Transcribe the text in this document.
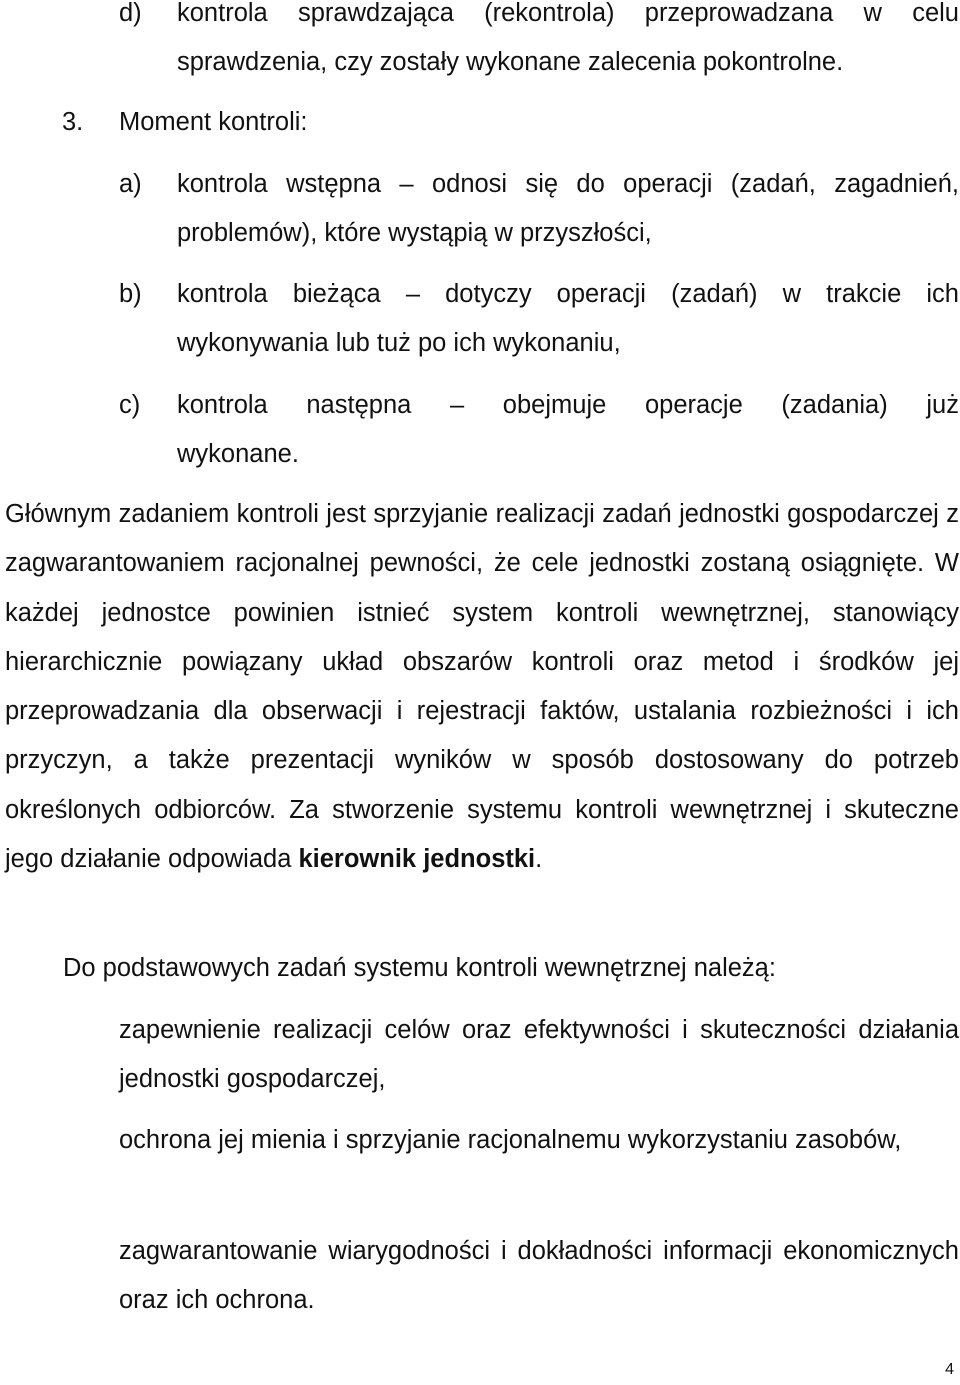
d) kontrola sprawdzająca (rekontrola) przeprowadzana w celu sprawdzenia, czy zostały wykonane zalecenia pokontrolne.
3. Moment kontroli:
a) kontrola wstępna – odnosi się do operacji (zadań, zagadnień, problemów), które wystąpią w przyszłości,
b) kontrola bieżąca – dotyczy operacji (zadań) w trakcie ich wykonywania lub tuż po ich wykonaniu,
c) kontrola następna – obejmuje operacje (zadania) już wykonane.
Głównym zadaniem kontroli jest sprzyjanie realizacji zadań jednostki gospodarczej z zagwarantowaniem racjonalnej pewności, że cele jednostki zostaną osiągnięte. W każdej jednostce powinien istnieć system kontroli wewnętrznej, stanowiący hierarchicznie powiązany układ obszarów kontroli oraz metod i środków jej przeprowadzania dla obserwacji i rejestracji faktów, ustalania rozbieżności i ich przyczyn, a także prezentacji wyników w sposób dostosowany do potrzeb określonych odbiorców. Za stworzenie systemu kontroli wewnętrznej i skuteczne jego działanie odpowiada kierownik jednostki.
Do podstawowych zadań systemu kontroli wewnętrznej należą:
zapewnienie realizacji celów oraz efektywności i skuteczności działania jednostki gospodarczej,
ochrona jej mienia i sprzyjanie racjonalnemu wykorzystaniu zasobów,
zagwarantowanie wiarygodności i dokładności informacji ekonomicznych oraz ich ochrona.
4
